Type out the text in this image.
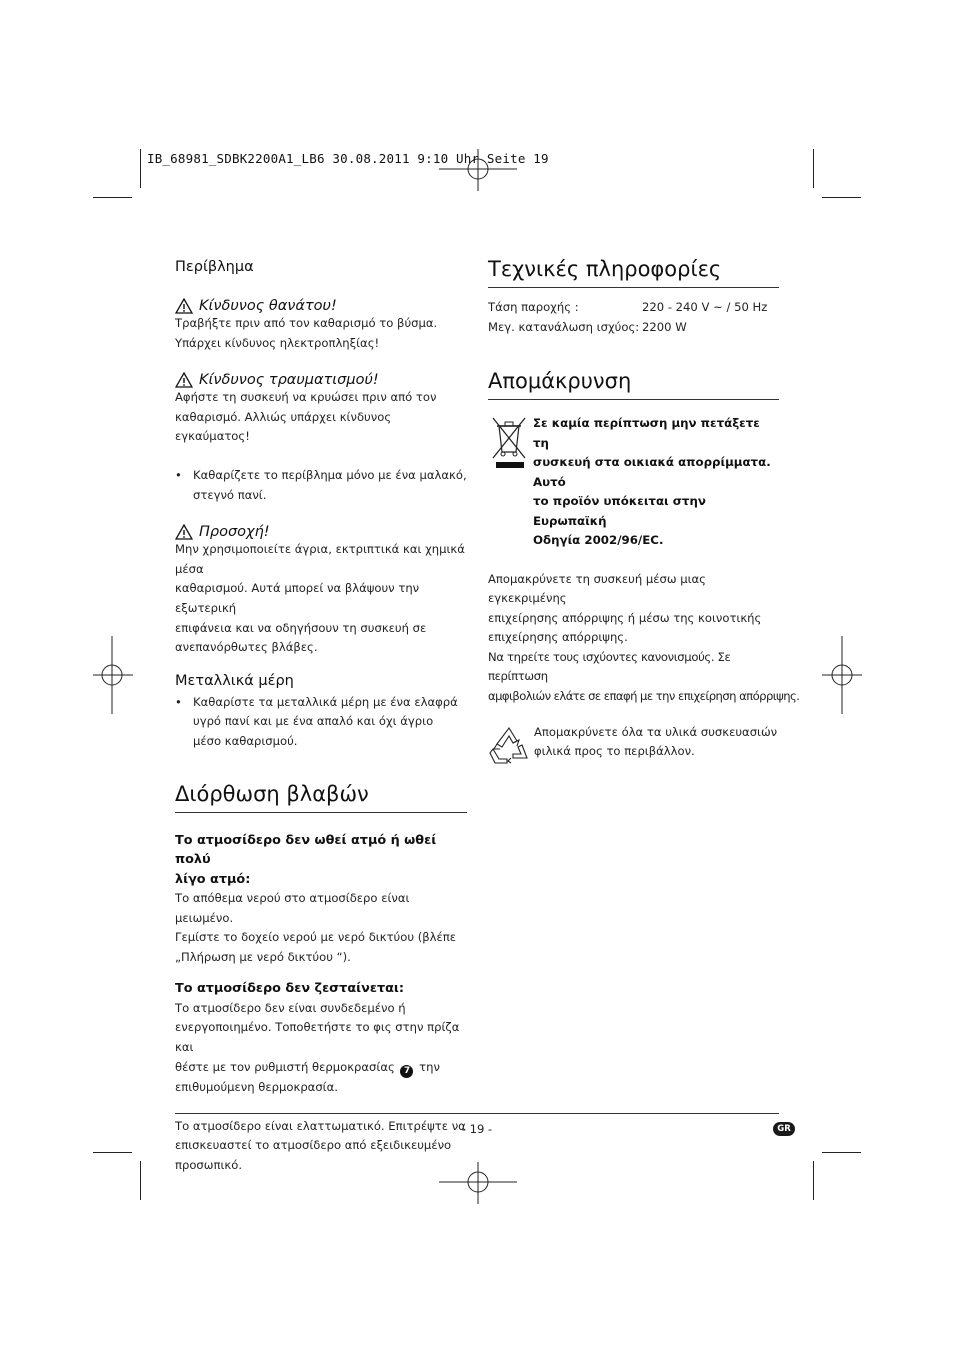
IB_68981_SDBK2200A1_LB6 30.08.2011 9:10 Uhr Seite 19
Περίβλημα
Κίνδυνος θανάτου!
Τραβήξτε πριν από τον καθαρισμό το βύσμα.
Υπάρχει κίνδυνος ηλεκτροπληξίας!
Κίνδυνος τραυματισμού!
Αφήστε τη συσκευή να κρυώσει πριν από τον
καθαρισμό. Αλλιώς υπάρχει κίνδυνος εγκαύματος!
• Καθαρίζετε το περίβλημα μόνο με ένα μαλακό,
στεγνό πανί.
Προσοχή!
Μην χρησιμοποιείτε άγρια, εκτριπτικά και χημικά μέσα
καθαρισμού. Αυτά μπορεί να βλάψουν την εξωτερική
επιφάνεια και να οδηγήσουν τη συσκευή σε
ανεπανόρθωτες βλάβες.
Μεταλλικά μέρη
• Καθαρίστε τα μεταλλικά μέρη με ένα ελαφρά
υγρό πανί και με ένα απαλό και όχι άγριο
μέσο καθαρισμού.
Διόρθωση βλαβών
Το ατμοσίδερο δεν ωθεί ατμό ή ωθεί πολύ
λίγο ατμό:
Το απόθεμα νερού στο ατμοσίδερο είναι μειωμένο.
Γεμίστε το δοχείο νερού με νερό δικτύου (βλέπε
„Πλήρωση με νερό δικτύου “).
Το ατμοσίδερο δεν ζεσταίνεται:
Το ατμοσίδερο δεν είναι συνδεδεμένο ή
ενεργοποιημένο. Τοποθετήστε το φις στην πρίζα και
θέστε με τον ρυθμιστή θερμοκρασίας 7 την
επιθυμούμενη θερμοκρασία.
Το ατμοσίδερο είναι ελαττωματικό. Επιτρέψτε να
επισκευαστεί το ατμοσίδερο από εξειδικευμένο
προσωπικό.
Τεχνικές πληροφορίες
Τάση παροχής :	220 - 240 V ~ / 50 Hz
Μεγ. κατανάλωση ισχύος: 2200 W
Απομάκρυνση
Σε καμία περίπτωση μην πετάξετε τη
συσκευή στα οικιακά απορρίμματα. Αυτό
το προϊόν υπόκειται στην Ευρωπαϊκή
Οδηγία 2002/96/EC.
Απομακρύνετε τη συσκευή μέσω μιας εγκεκριμένης
επιχείρησης απόρριψης ή μέσω της κοινοτικής
επιχείρησης απόρριψης.
Να τηρείτε τους ισχύοντες κανονισμούς. Σε περίπτωση
αμφιβολιών ελάτε σε επαφή με την επιχείρηση απόρριψης.
Απομακρύνετε όλα τα υλικά συσκευασιών
φιλικά προς το περιβάλλον.
- 19 -	GR
